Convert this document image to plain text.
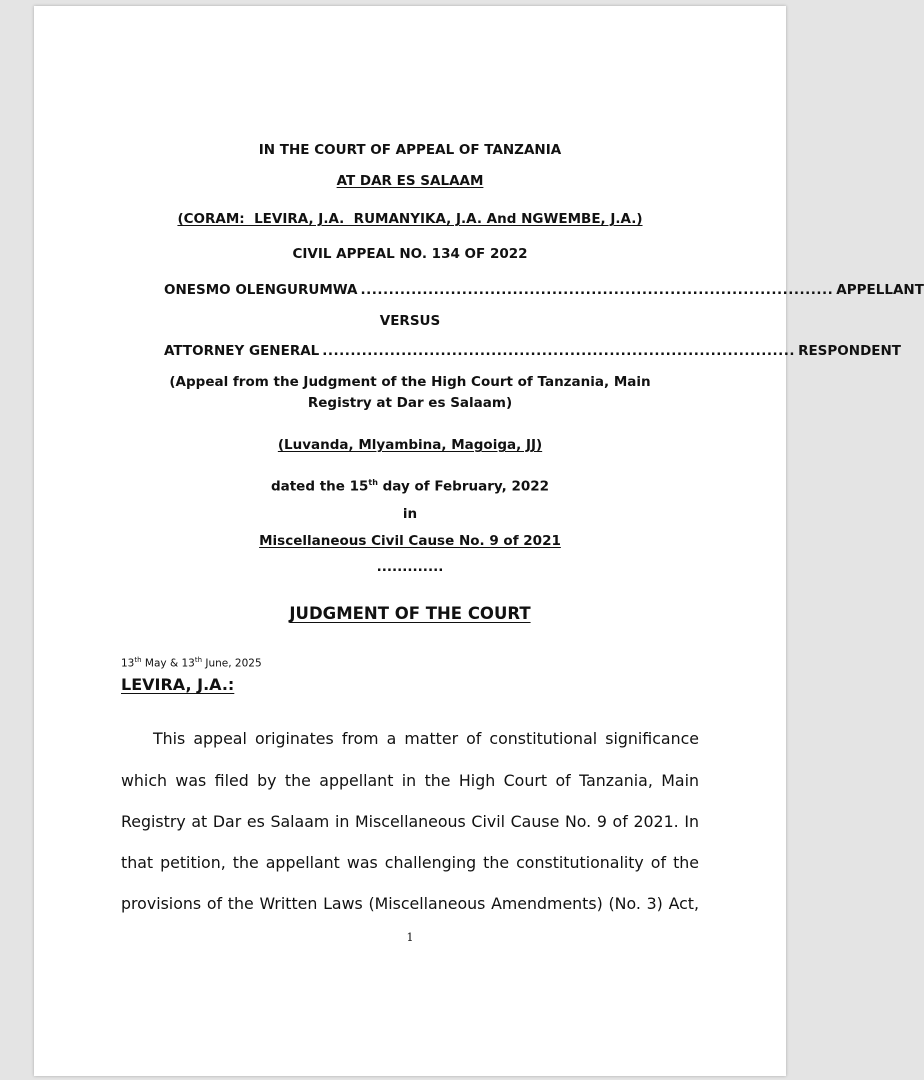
IN THE COURT OF APPEAL OF TANZANIA
AT DAR ES SALAAM
(CORAM:  LEVIRA, J.A.  RUMANYIKA, J.A. And NGWEMBE, J.A.)
CIVIL APPEAL NO. 134 OF 2022
ONESMO OLENGURUMWA .................................................................................... APPELLANT
VERSUS
ATTORNEY GENERAL .................................................................................... RESPONDENT
(Appeal from the Judgment of the High Court of Tanzania, Main
Registry at Dar es Salaam)
(Luvanda, Mlyambina, Magoiga, JJ)
dated the 15th day of February, 2022
in
Miscellaneous Civil Cause No. 9 of 2021
.............
JUDGMENT OF THE COURT
13th May & 13th June, 2025
LEVIRA, J.A.:
This appeal originates from a matter of constitutional significance
which was filed by the appellant in the High Court of Tanzania, Main
Registry at Dar es Salaam in Miscellaneous Civil Cause No. 9 of 2021. In
that petition, the appellant was challenging the constitutionality of the
provisions of the Written Laws (Miscellaneous Amendments) (No. 3) Act,
1
